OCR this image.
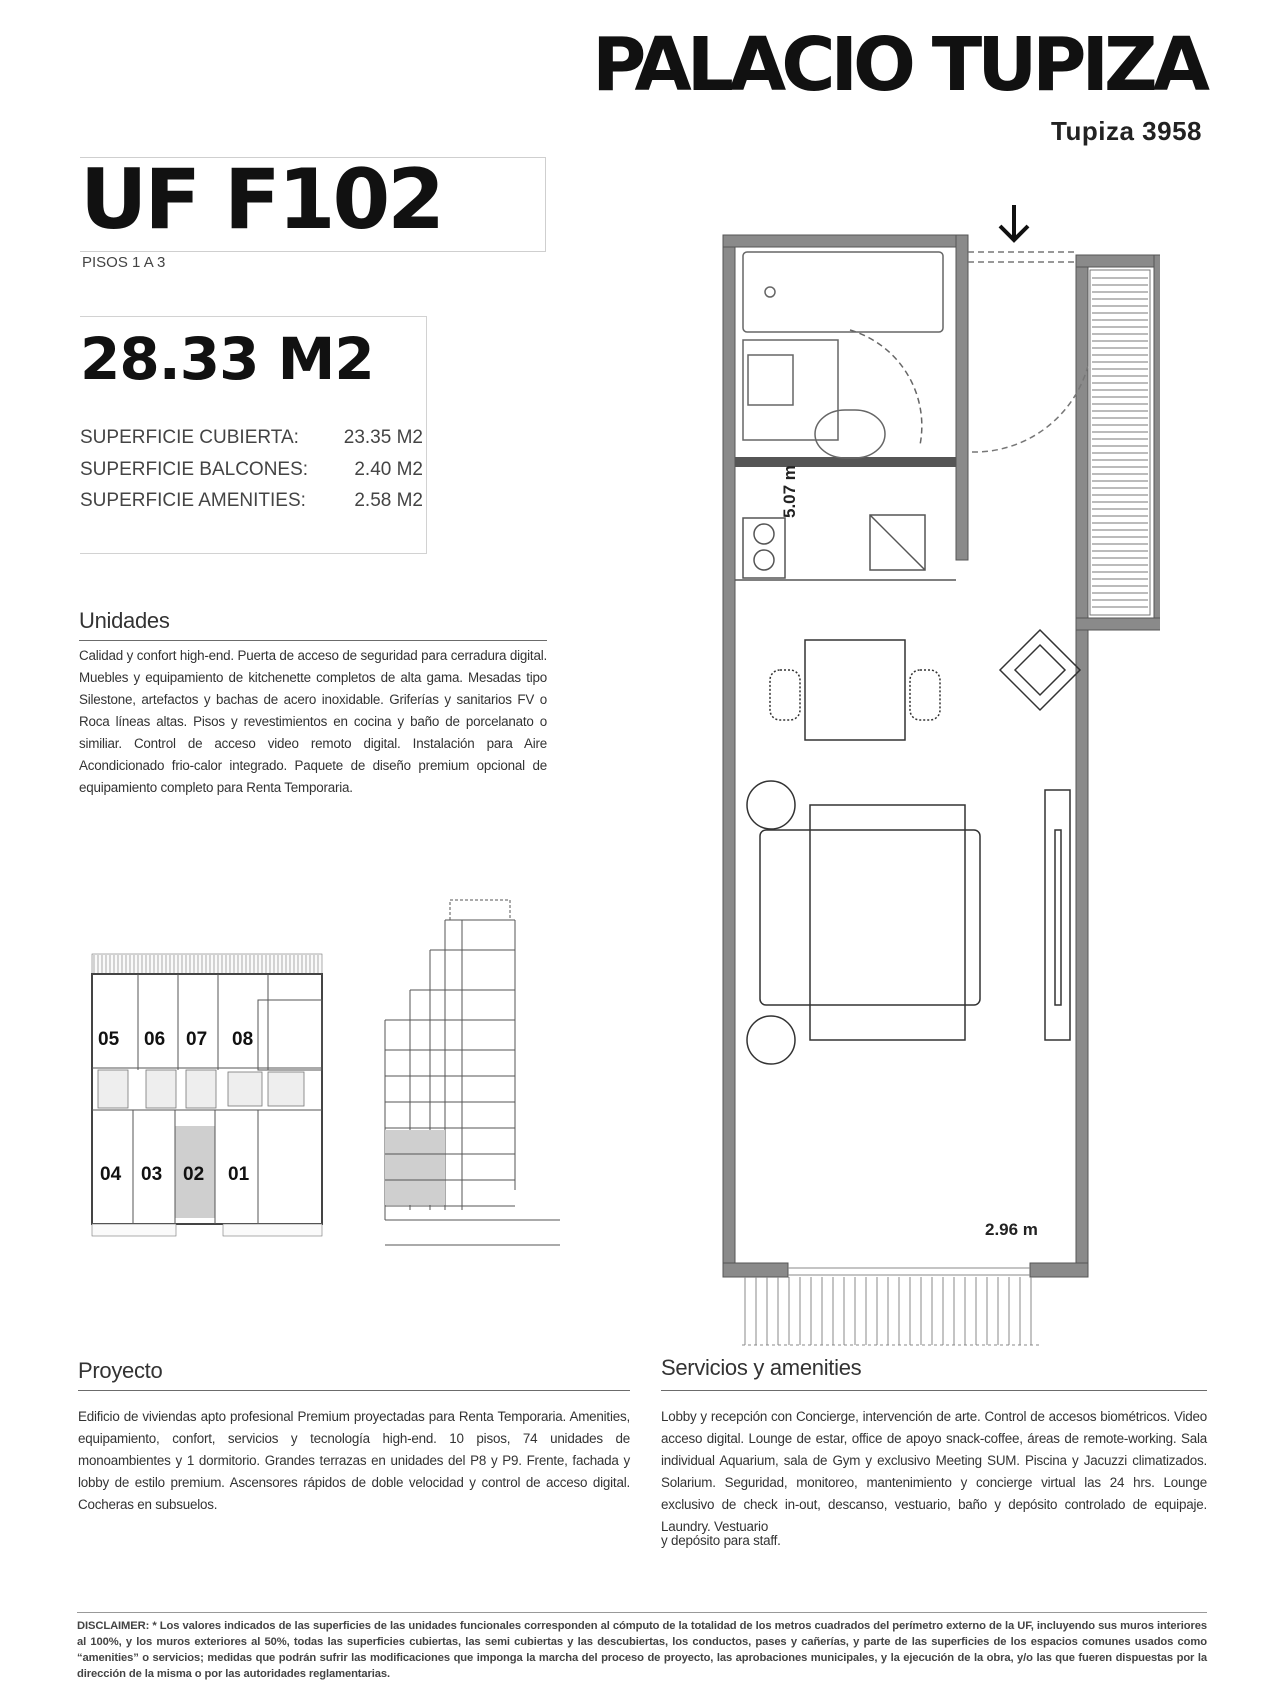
PALACIO TUPIZA
Tupiza 3958
UF F102
PISOS 1 A 3
28.33 M2
SUPERFICIE CUBIERTA: 23.35 M2
SUPERFICIE BALCONES: 2.40 M2
SUPERFICIE AMENITIES:	2.58 M2
Unidades
Calidad y confort high-end. Puerta de acceso de seguridad para cerradura digital. Muebles y equipamiento de kitchenette completos de alta gama. Mesadas tipo Silestone, artefactos y bachas de acero inoxidable. Griferías y sanitarios FV o Roca líneas altas. Pisos y revestimientos en cocina y baño de porcelanato o similiar. Control de acceso video remoto digital. Instalación para Aire Acondicionado frio-calor integrado. Paquete de diseño premium opcional de equipamiento completo para Renta Temporaria.
5.07 m
2.96 m
05 06 07 08
04 03 02 01
Proyecto
Edificio de viviendas apto profesional Premium proyectadas para Renta Temporaria. Amenities, equipamiento, confort, servicios y tecnología high-end. 10 pisos, 74 unidades de monoambientes y 1 dormitorio. Grandes terrazas en unidades del P8 y P9. Frente, fachada y lobby de estilo premium. Ascensores rápidos de doble velocidad y control de acceso digital. Cocheras en subsuelos.
Servicios y amenities
Lobby y recepción con Concierge, intervención de arte. Control de accesos biométricos. Video acceso digital. Lounge de estar, office de apoyo snack-coffee, áreas de remote-working. Sala individual Aquarium, sala de Gym y exclusivo Meeting SUM. Piscina y Jacuzzi climatizados. Solarium. Seguridad, monitoreo, mantenimiento y concierge virtual las 24 hrs. Lounge exclusivo de check in-out, descanso, vestuario, baño y depósito controlado de equipaje. Laundry. Vestuario
y depósito para staff.
DISCLAIMER: * Los valores indicados de las superficies de las unidades funcionales corresponden al cómputo de la totalidad de los metros cuadrados del perímetro externo de la UF, incluyendo sus muros interiores al 100%, y los muros exteriores al 50%, todas las superficies cubiertas, las semi cubiertas y las descubiertas, los conductos, pases y cañerías, y parte de las superficies de los espacios comunes usados como “amenities” o servicios; medidas que podrán sufrir las modificaciones que imponga la marcha del proceso de proyecto, las aprobaciones municipales, y la ejecución de la obra, y/o las que fueren dispuestas por la dirección de la misma o por las autoridades reglamentarias.
